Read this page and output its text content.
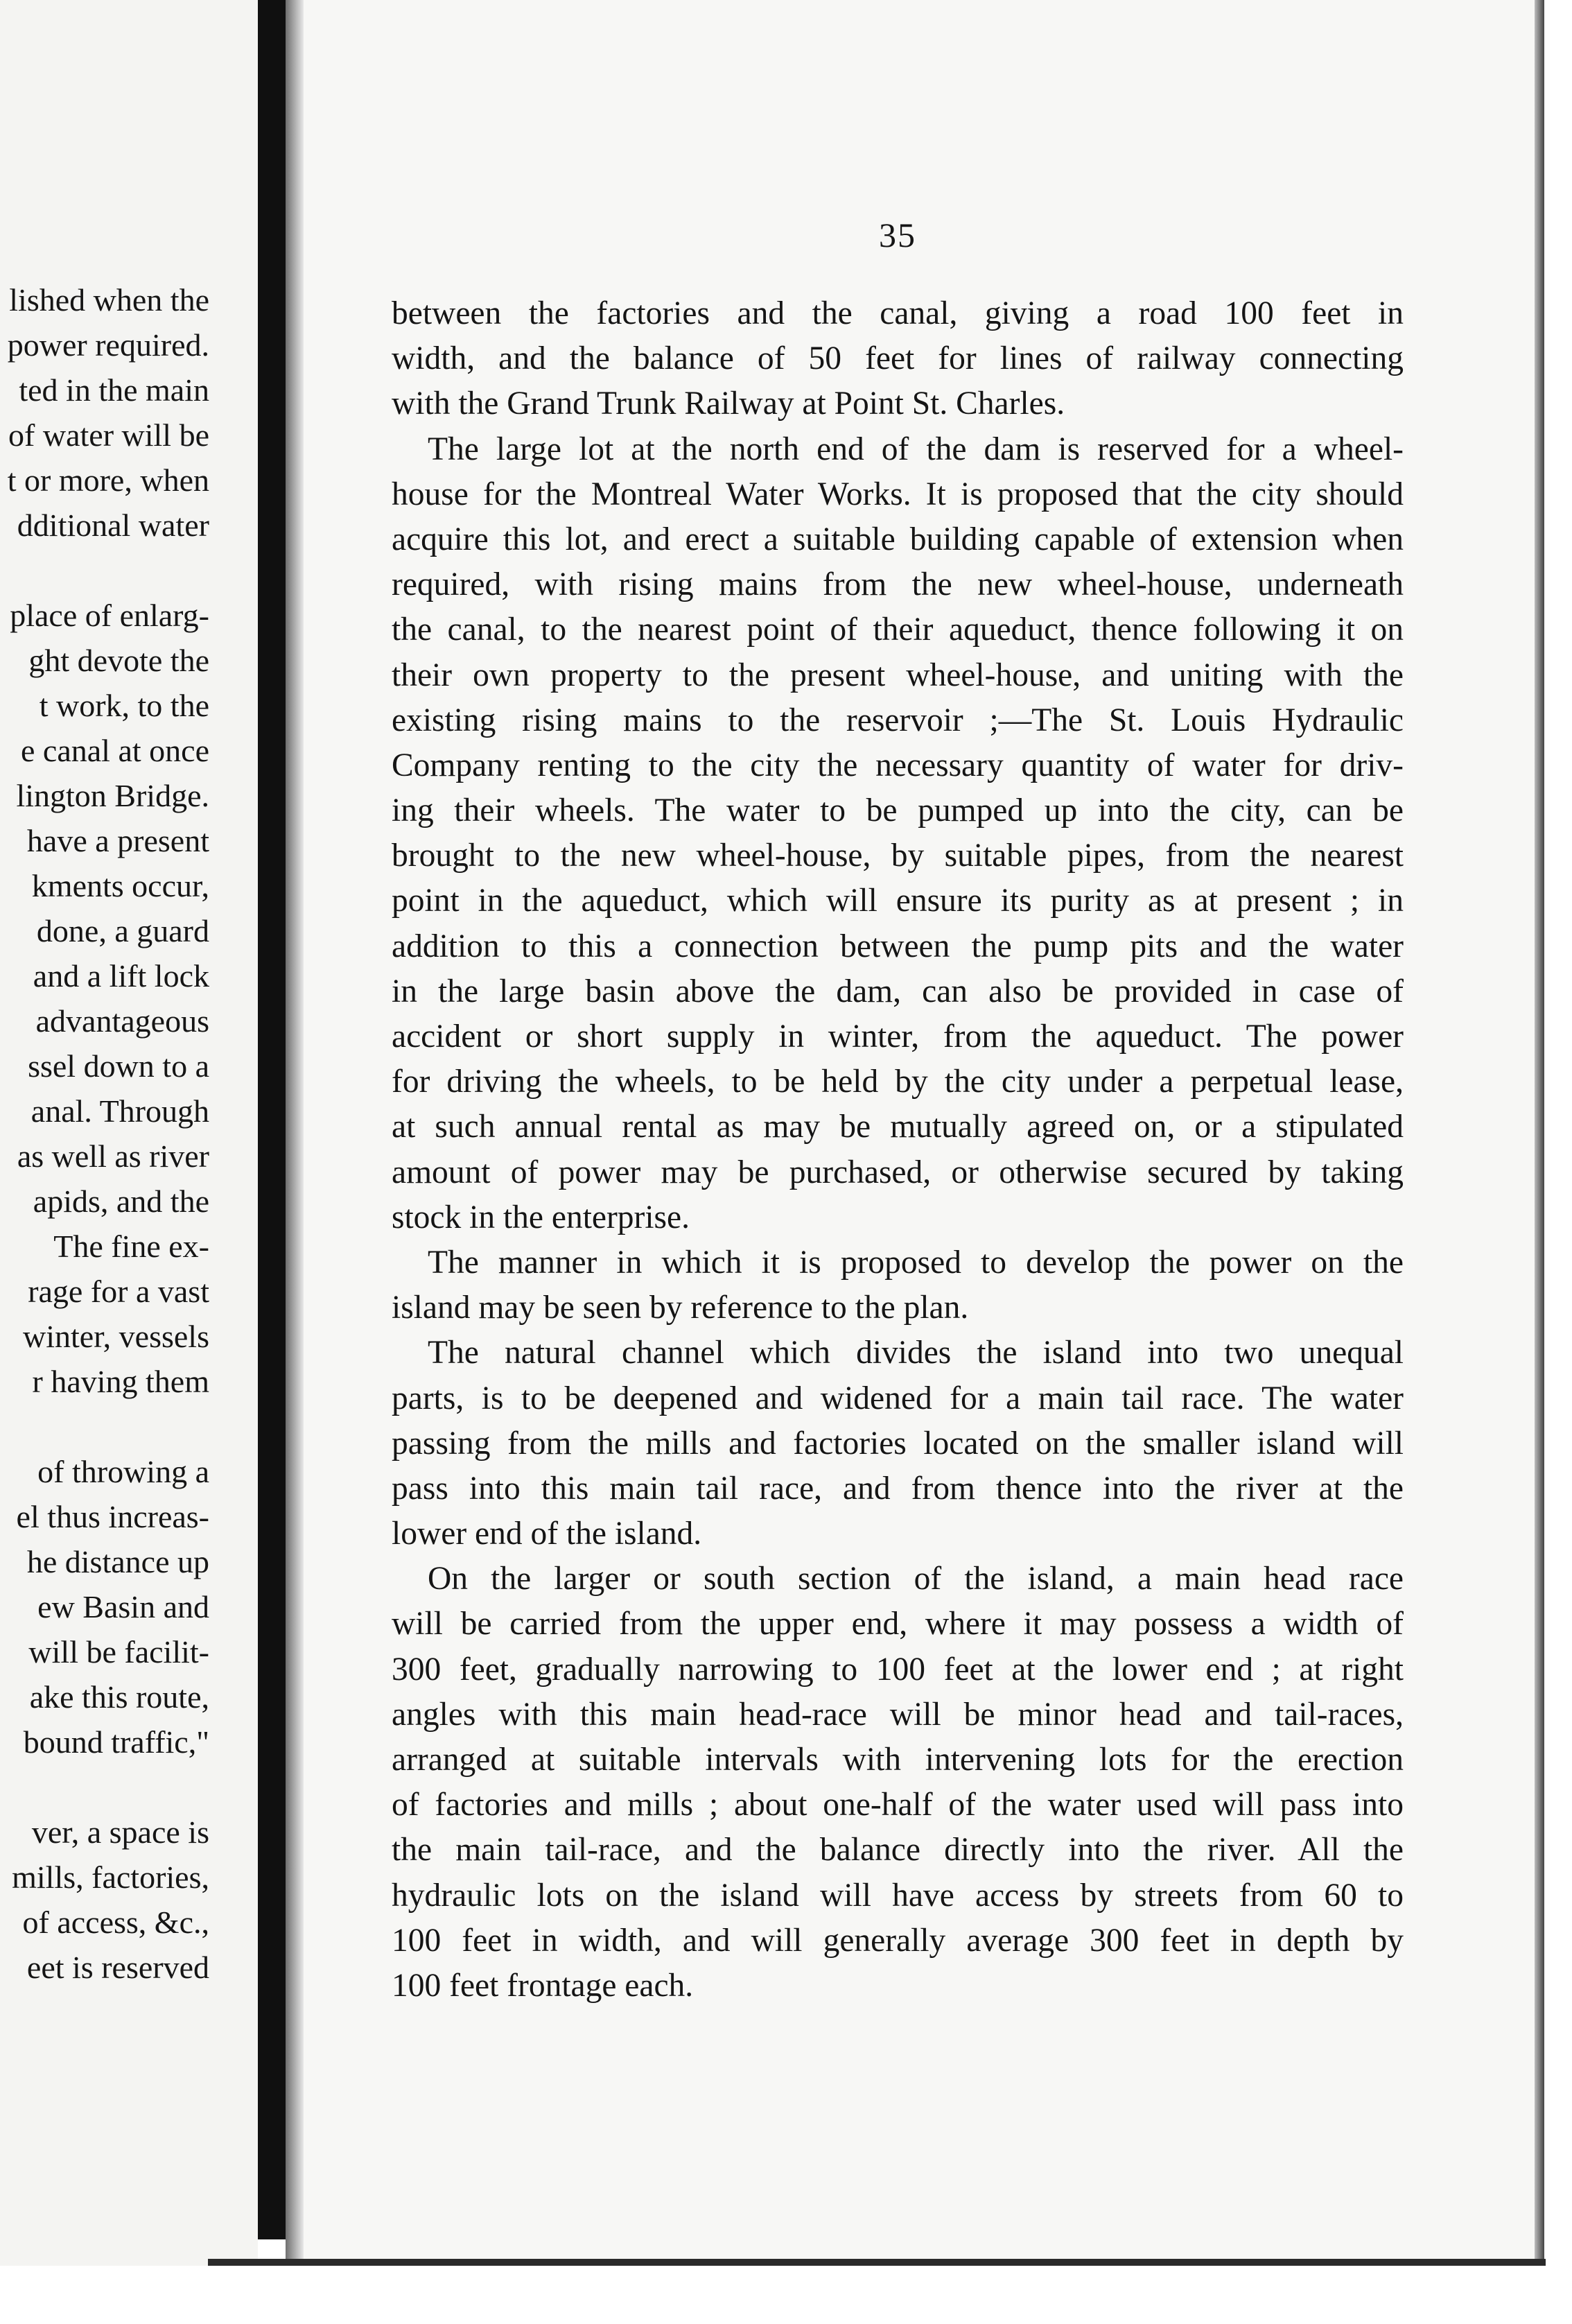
lished when the
power required.
ted in the main
of water will be
t or more, when
dditional water
place of enlarg-
ght devote the
t work, to the
e canal at once
lington Bridge.
have a present
kments occur,
done, a guard
and a lift lock
advantageous
ssel down to a
anal. Through
as well as river
apids, and the
The fine ex-
rage for a vast
winter, vessels
r having them
of throwing a
el thus increas-
he distance up
ew Basin and
will be facilit-
ake this route,
bound traffic,"
ver, a space is
mills, factories,
of access, &c.,
eet is reserved
35
between the factories and the canal, giving a road 100 feet in
width, and the balance of 50 feet for lines of railway connecting
with the Grand Trunk Railway at Point St. Charles.
The large lot at the north end of the dam is reserved for a wheel-
house for the Montreal Water Works. It is proposed that the city should
acquire this lot, and erect a suitable building capable of extension when
required, with rising mains from the new wheel-house, underneath
the canal, to the nearest point of their aqueduct, thence following it on
their own property to the present wheel-house, and uniting with the
existing rising mains to the reservoir ;—The St. Louis Hydraulic
Company renting to the city the necessary quantity of water for driv-
ing their wheels. The water to be pumped up into the city, can be
brought to the new wheel-house, by suitable pipes, from the nearest
point in the aqueduct, which will ensure its purity as at present ; in
addition to this a connection between the pump pits and the water
in the large basin above the dam, can also be provided in case of
accident or short supply in winter, from the aqueduct. The power
for driving the wheels, to be held by the city under a perpetual lease,
at such annual rental as may be mutually agreed on, or a stipulated
amount of power may be purchased, or otherwise secured by taking
stock in the enterprise.
The manner in which it is proposed to develop the power on the
island may be seen by reference to the plan.
The natural channel which divides the island into two unequal
parts, is to be deepened and widened for a main tail race. The water
passing from the mills and factories located on the smaller island will
pass into this main tail race, and from thence into the river at the
lower end of the island.
On the larger or south section of the island, a main head race
will be carried from the upper end, where it may possess a width of
300 feet, gradually narrowing to 100 feet at the lower end ; at right
angles with this main head-race will be minor head and tail-races,
arranged at suitable intervals with intervening lots for the erection
of factories and mills ; about one-half of the water used will pass into
the main tail-race, and the balance directly into the river. All the
hydraulic lots on the island will have access by streets from 60 to
100 feet in width, and will generally average 300 feet in depth by
100 feet frontage each.
